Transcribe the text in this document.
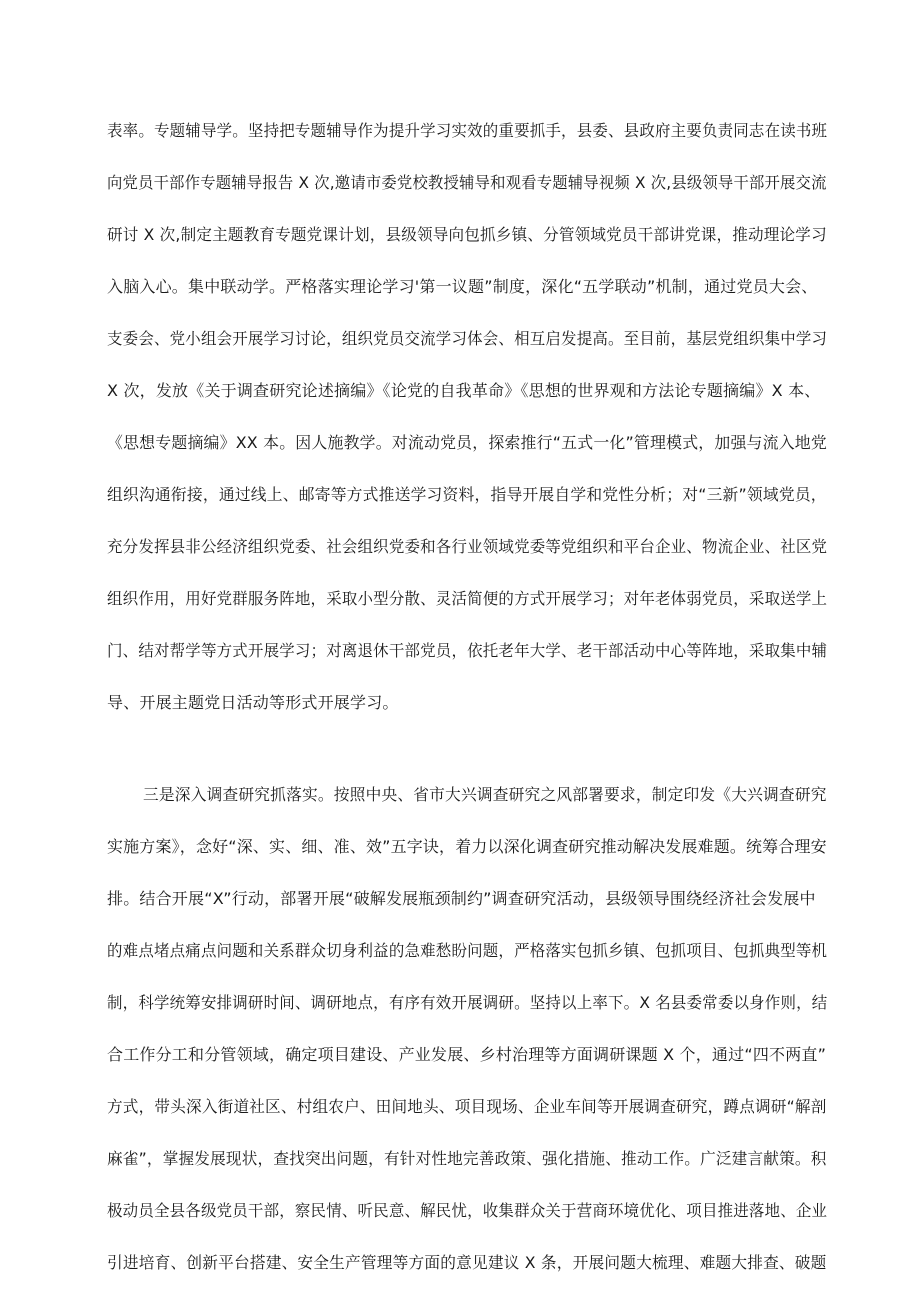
表率。专题辅导学。坚持把专题辅导作为提升学习实效的重要抓手，县委、县政府主要负责同志在读书班
向党员干部作专题辅导报告 X 次,邀请市委党校教授辅导和观看专题辅导视频 X 次,县级领导干部开展交流
研讨 X 次,制定主题教育专题党课计划，县级领导向包抓乡镇、分管领域党员干部讲党课，推动理论学习
入脑入心。集中联动学。严格落实理论学习'第一议题”制度，深化“五学联动”机制，通过党员大会、
支委会、党小组会开展学习讨论，组织党员交流学习体会、相互启发提高。至目前，基层党组织集中学习
X 次，发放《关于调查研究论述摘编》《论党的自我革命》《思想的世界观和方法论专题摘编》X 本、
《思想专题摘编》XX 本。因人施教学。对流动党员，探索推行“五式一化”管理模式，加强与流入地党
组织沟通衔接，通过线上、邮寄等方式推送学习资料，指导开展自学和党性分析；对“三新”领域党员，
充分发挥县非公经济组织党委、社会组织党委和各行业领域党委等党组织和平台企业、物流企业、社区党
组织作用，用好党群服务阵地，采取小型分散、灵活简便的方式开展学习；对年老体弱党员，采取送学上
门、结对帮学等方式开展学习；对离退休干部党员，依托老年大学、老干部活动中心等阵地，采取集中辅
导、开展主题党日活动等形式开展学习。
三是深入调查研究抓落实。按照中央、省市大兴调查研究之风部署要求，制定印发《大兴调查研究
实施方案》，念好“深、实、细、准、效”五字诀，着力以深化调查研究推动解决发展难题。统筹合理安
排。结合开展“X”行动，部署开展“破解发展瓶颈制约”调查研究活动，县级领导围绕经济社会发展中
的难点堵点痛点问题和关系群众切身利益的急难愁盼问题，严格落实包抓乡镇、包抓项目、包抓典型等机
制，科学统筹安排调研时间、调研地点，有序有效开展调研。坚持以上率下。X 名县委常委以身作则，结
合工作分工和分管领域，确定项目建设、产业发展、乡村治理等方面调研课题 X 个，通过“四不两直”
方式，带头深入街道社区、村组农户、田间地头、项目现场、企业车间等开展调查研究，蹲点调研“解剖
麻雀”，掌握发展现状，查找突出问题，有针对性地完善政策、强化措施、推动工作。广泛建言献策。积
极动员全县各级党员干部，察民情、听民意、解民忧，收集群众关于营商环境优化、项目推进落地、企业
引进培育、创新平台搭建、安全生产管理等方面的意见建议 X 条，开展问题大梳理、难题大排查、破题
